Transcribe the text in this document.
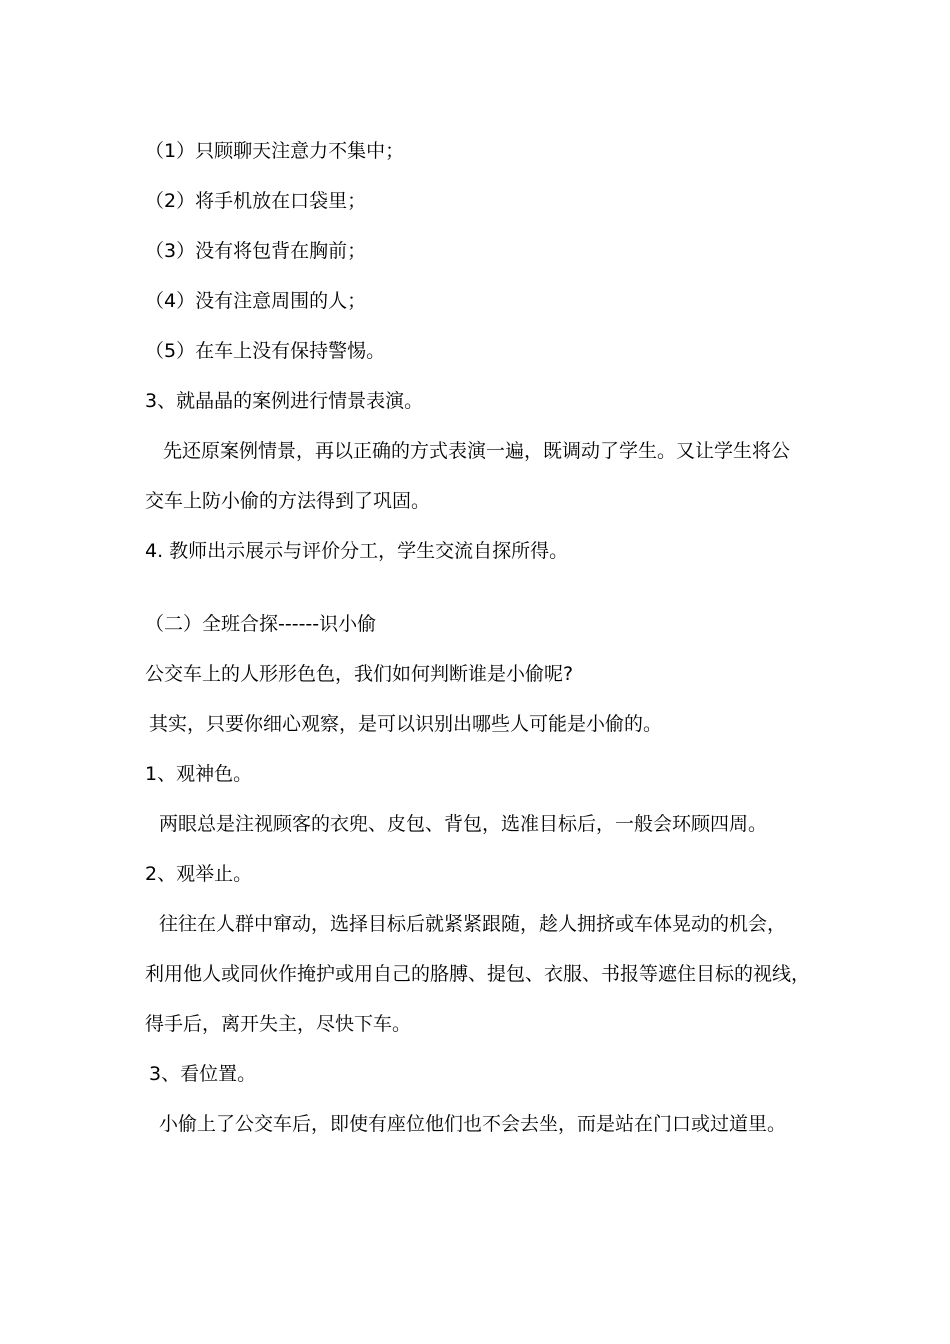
（1）只顾聊天注意力不集中；
（2）将手机放在口袋里；
（3）没有将包背在胸前；
（4）没有注意周围的人；
（5）在车上没有保持警惕。
3、就晶晶的案例进行情景表演。
先还原案例情景，再以正确的方式表演一遍，既调动了学生。又让学生将公
交车上防小偷的方法得到了巩固。
4. 教师出示展示与评价分工，学生交流自探所得。
（二）全班合探------识小偷
公交车上的人形形色色，我们如何判断谁是小偷呢?
其实，只要你细心观察，是可以识别出哪些人可能是小偷的。
1、观神色。
两眼总是注视顾客的衣兜、皮包、背包，选准目标后，一般会环顾四周。
2、观举止。
往往在人群中窜动，选择目标后就紧紧跟随，趁人拥挤或车体晃动的机会，
利用他人或同伙作掩护或用自己的胳膊、提包、衣服、书报等遮住目标的视线，
得手后，离开失主，尽快下车。
3、看位置。
小偷上了公交车后，即使有座位他们也不会去坐，而是站在门口或过道里。
